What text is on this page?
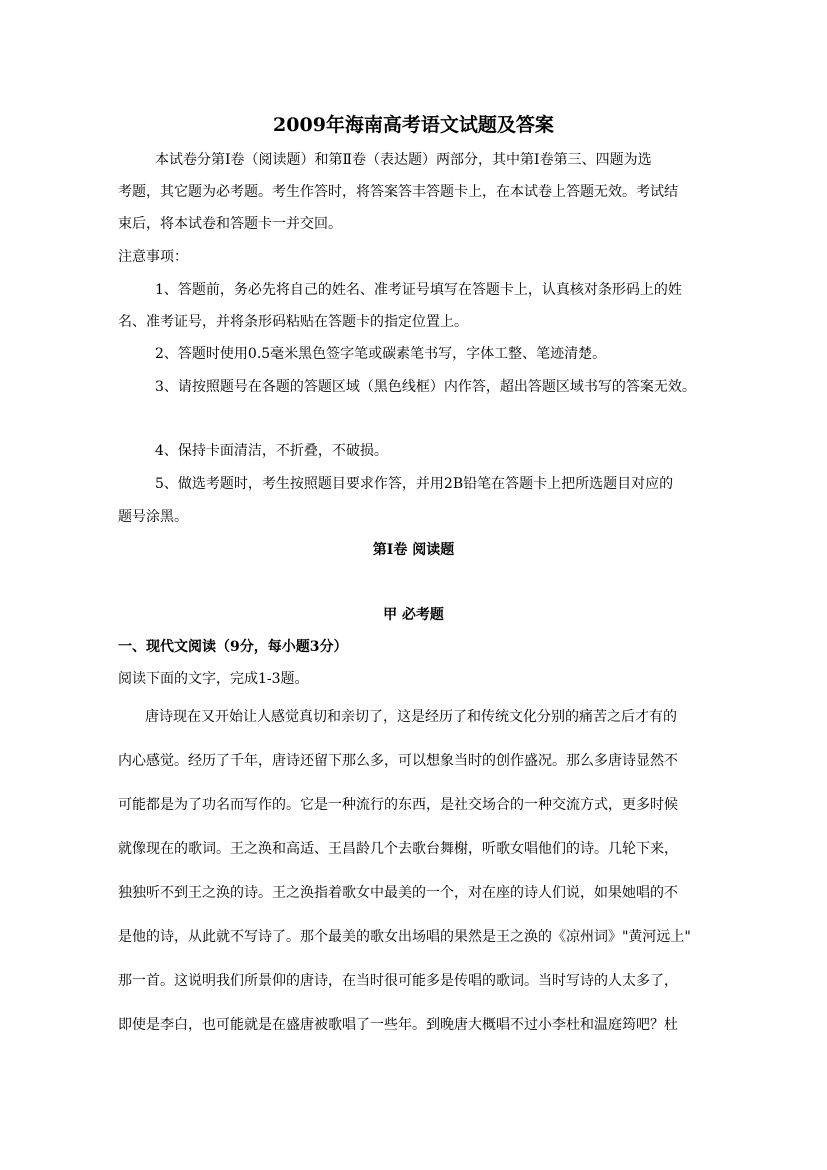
2009年海南高考语文试题及答案
本试卷分第Ⅰ卷（阅读题）和第Ⅱ卷（表达题）两部分，其中第Ⅰ卷第三、四题为选
考题，其它题为必考题。考生作答时，将答案答丰答题卡上，在本试卷上答题无效。考试结
束后，将本试卷和答题卡一并交回。
注意事项：
1、答题前，务必先将自己的姓名、准考证号填写在答题卡上，认真核对条形码上的姓
名、准考证号，并将条形码粘贴在答题卡的指定位置上。
2、答题时使用0.5毫米黑色签字笔或碳素笔书写，字体工整、笔迹清楚。
3、请按照题号在各题的答题区域（黑色线框）内作答，超出答题区域书写的答案无效。
4、保持卡面清洁，不折叠，不破损。
5、做选考题时，考生按照题目要求作答，并用2B铅笔在答题卡上把所选题目对应的
题号涂黑。
第Ⅰ卷 阅读题
甲 必考题
一、现代文阅读（9分，每小题3分）
阅读下面的文字，完成1-3题。
唐诗现在又开始让人感觉真切和亲切了，这是经历了和传统文化分别的痛苦之后才有的
内心感觉。经历了千年，唐诗还留下那么多，可以想象当时的创作盛况。那么多唐诗显然不
可能都是为了功名而写作的。它是一种流行的东西，是社交场合的一种交流方式，更多时候
就像现在的歌词。王之涣和高适、王昌龄几个去歌台舞榭，听歌女唱他们的诗。几轮下来，
独独听不到王之涣的诗。王之涣指着歌女中最美的一个，对在座的诗人们说，如果她唱的不
是他的诗，从此就不写诗了。那个最美的歌女出场唱的果然是王之涣的《凉州词》"黄河远上"
那一首。这说明我们所景仰的唐诗，在当时很可能多是传唱的歌词。当时写诗的人太多了，
即使是李白，也可能就是在盛唐被歌唱了一些年。到晚唐大概唱不过小李杜和温庭筠吧？杜
